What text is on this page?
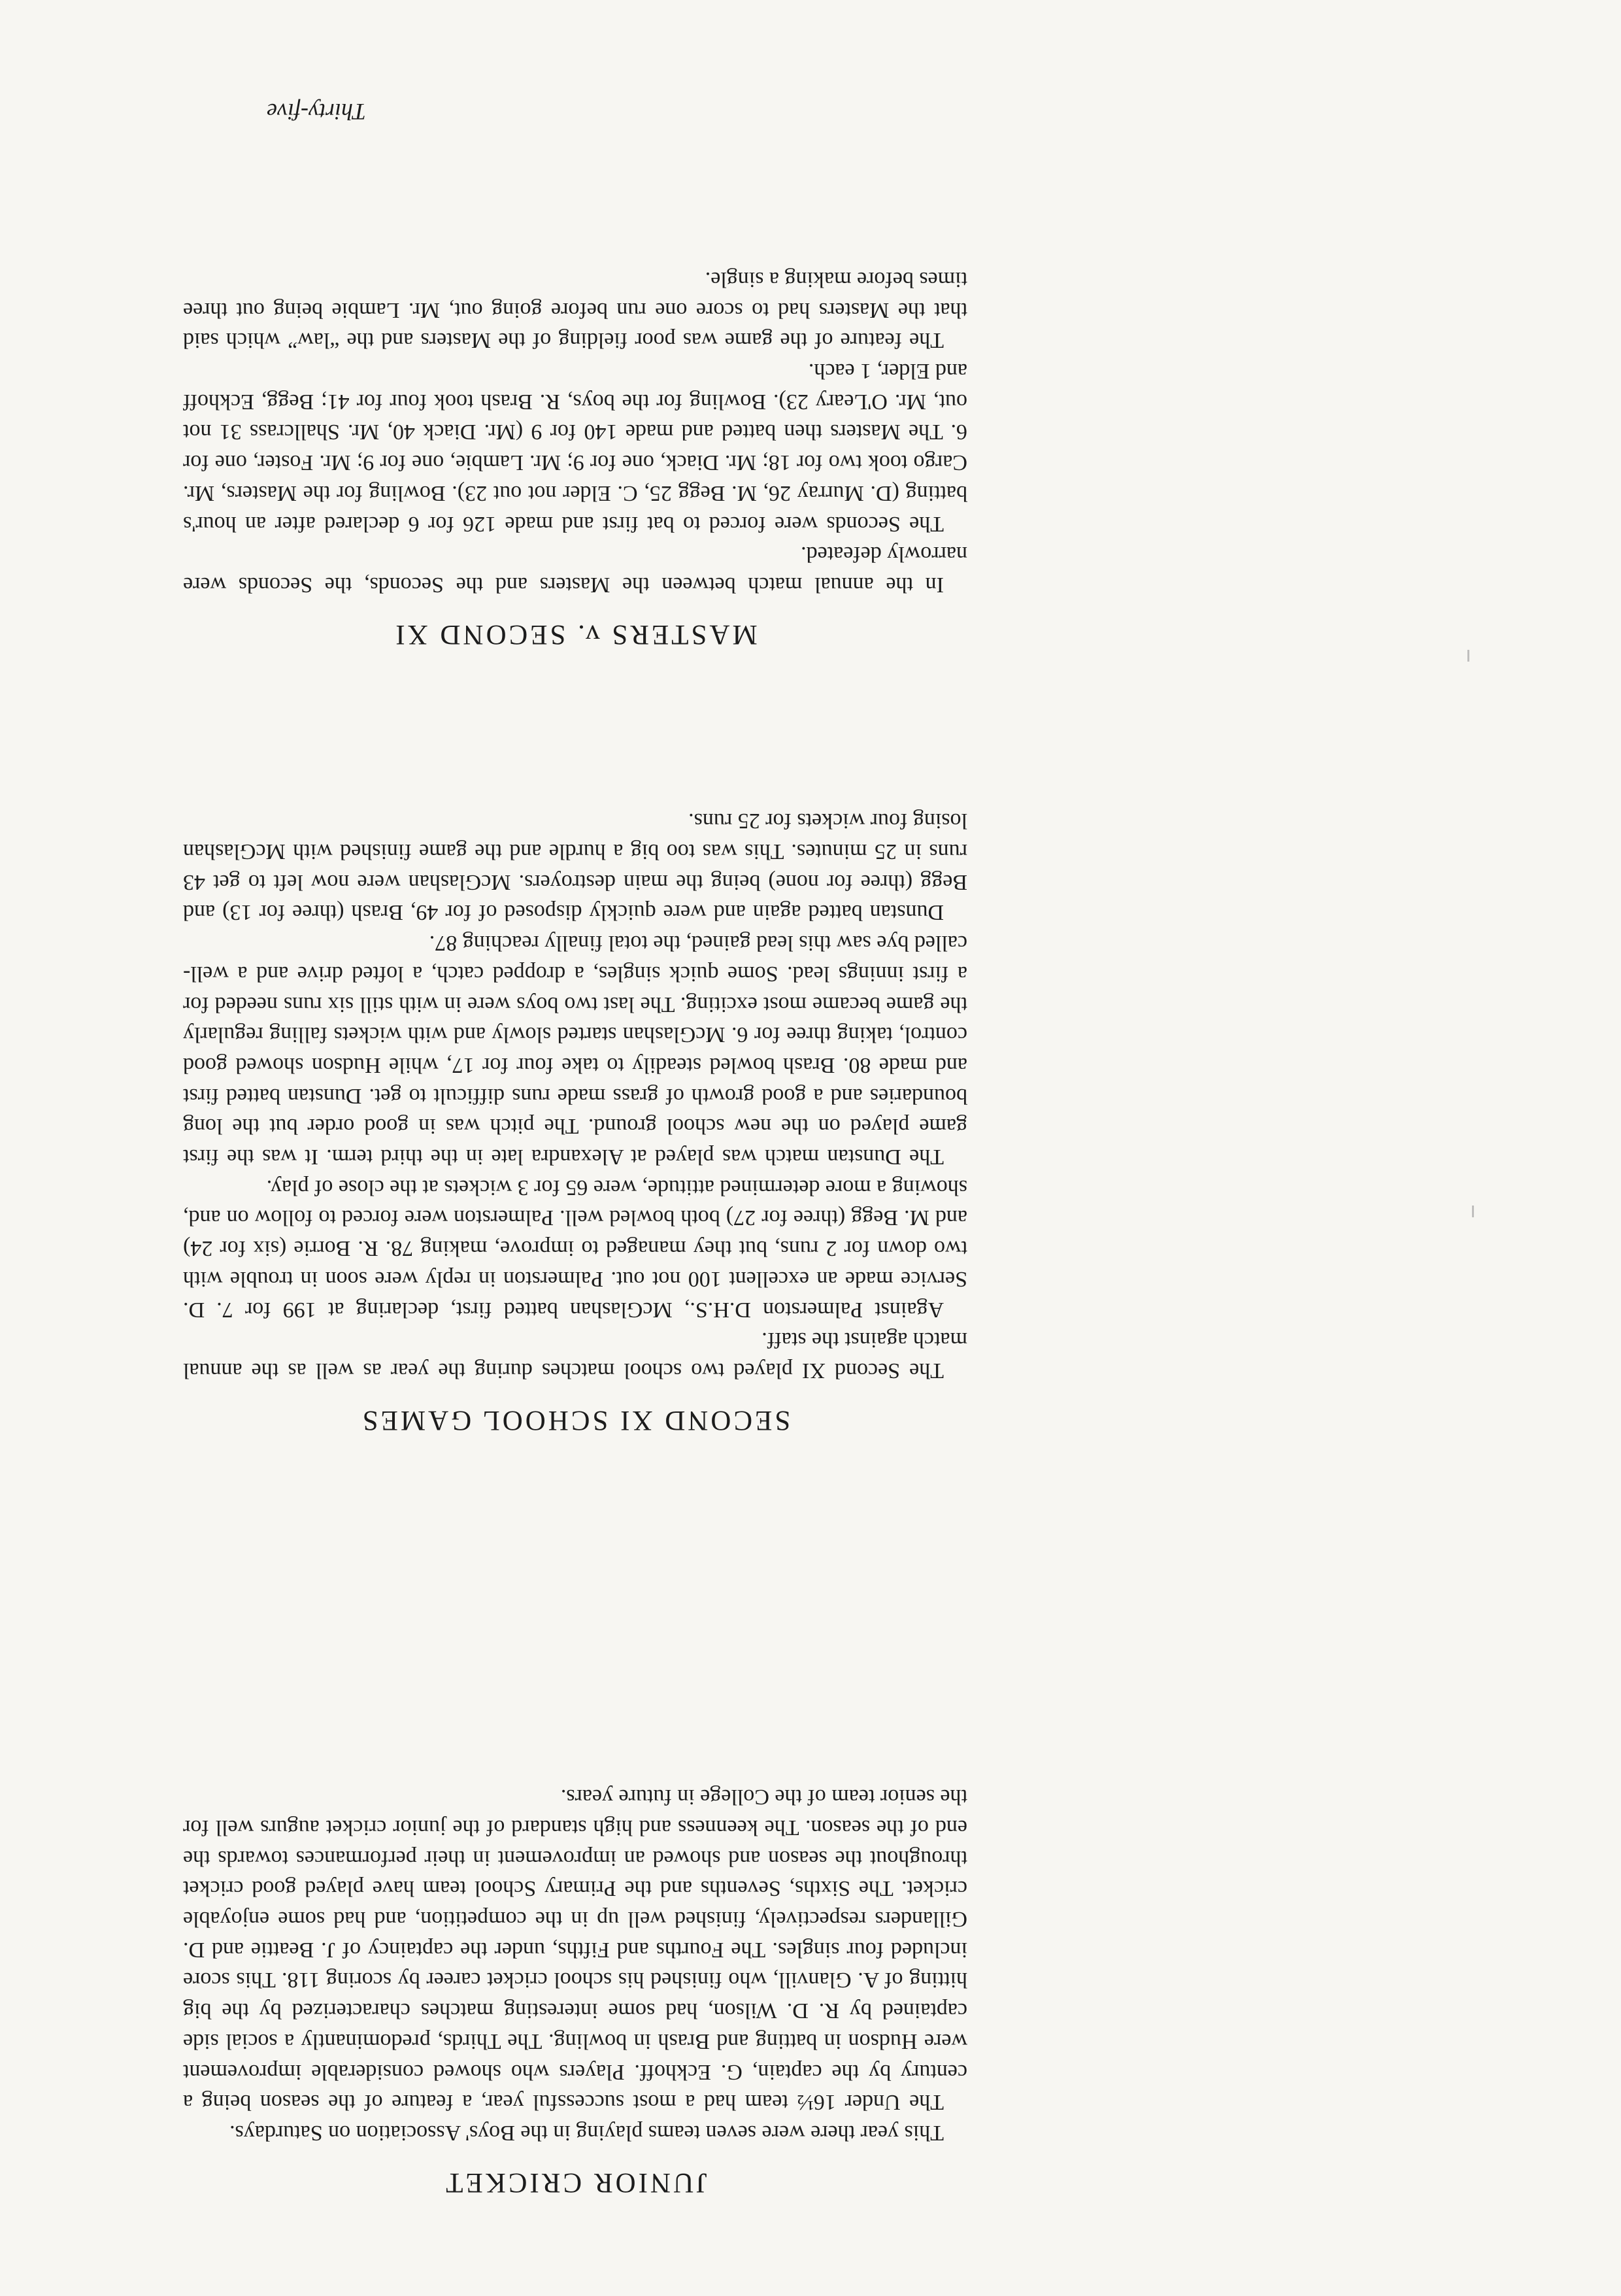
JUNIOR CRICKET

This year there were seven teams playing in the Boys' Association on Saturdays.

The Under 16½ team had a most successful year, a feature of the season being a century by the captain, G. Eckhoff. Players who showed considerable improvement were Hudson in batting and Brash in bowling. The Thirds, predominantly a social side captained by R. D. Wilson, had some interesting matches characterized by the big hitting of A. Glanvill, who finished his school cricket career by scoring 118. This score included four singles. The Fourths and Fifths, under the captaincy of J. Beattie and D. Gillanders respectively, finished well up in the competition, and had some enjoyable cricket. The Sixths, Sevenths and the Primary School team have played good cricket throughout the season and showed an improvement in their performances towards the end of the season. The keenness and high standard of the junior cricket augurs well for the senior team of the College in future years.

SECOND XI SCHOOL GAMES

The Second XI played two school matches during the year as well as the annual match against the staff.

Against Palmerston D.H.S., McGlashan batted first, declaring at 199 for 7. D. Service made an excellent 100 not out. Palmerston in reply were soon in trouble with two down for 2 runs, but they managed to improve, making 78. R. Borrie (six for 24) and M. Begg (three for 27) both bowled well. Palmerston were forced to follow on and, showing a more determined attitude, were 65 for 3 wickets at the close of play.

The Dunstan match was played at Alexandra late in the third term. It was the first game played on the new school ground. The pitch was in good order but the long boundaries and a good growth of grass made runs difficult to get. Dunstan batted first and made 80. Brash bowled steadily to take four for 17, while Hudson showed good control, taking three for 6. McGlashan started slowly and with wickets falling regularly the game became most exciting. The last two boys were in with still six runs needed for a first innings lead. Some quick singles, a dropped catch, a lofted drive and a well-called bye saw this lead gained, the total finally reaching 87.

Dunstan batted again and were quickly disposed of for 49, Brash (three for 13) and Begg (three for none) being the main destroyers. McGlashan were now left to get 43 runs in 25 minutes. This was too big a hurdle and the game finished with McGlashan losing four wickets for 25 runs.

MASTERS v. SECOND XI

In the annual match between the Masters and the Seconds, the Seconds were narrowly defeated.

The Seconds were forced to bat first and made 126 for 6 declared after an hour's batting (D. Murray 26, M. Begg 25, C. Elder not out 23). Bowling for the Masters, Mr. Cargo took two for 18; Mr. Diack, one for 9; Mr. Lambie, one for 9; Mr. Foster, one for 6. The Masters then batted and made 140 for 9 (Mr. Diack 40, Mr. Shallcrass 31 not out, Mr. O'Leary 23). Bowling for the boys, R. Brash took four for 41; Begg, Eckhoff and Elder, 1 each.

The feature of the game was poor fielding of the Masters and the “law” which said that the Masters had to score one run before going out, Mr. Lambie being out three times before making a single.

Thirty-five
